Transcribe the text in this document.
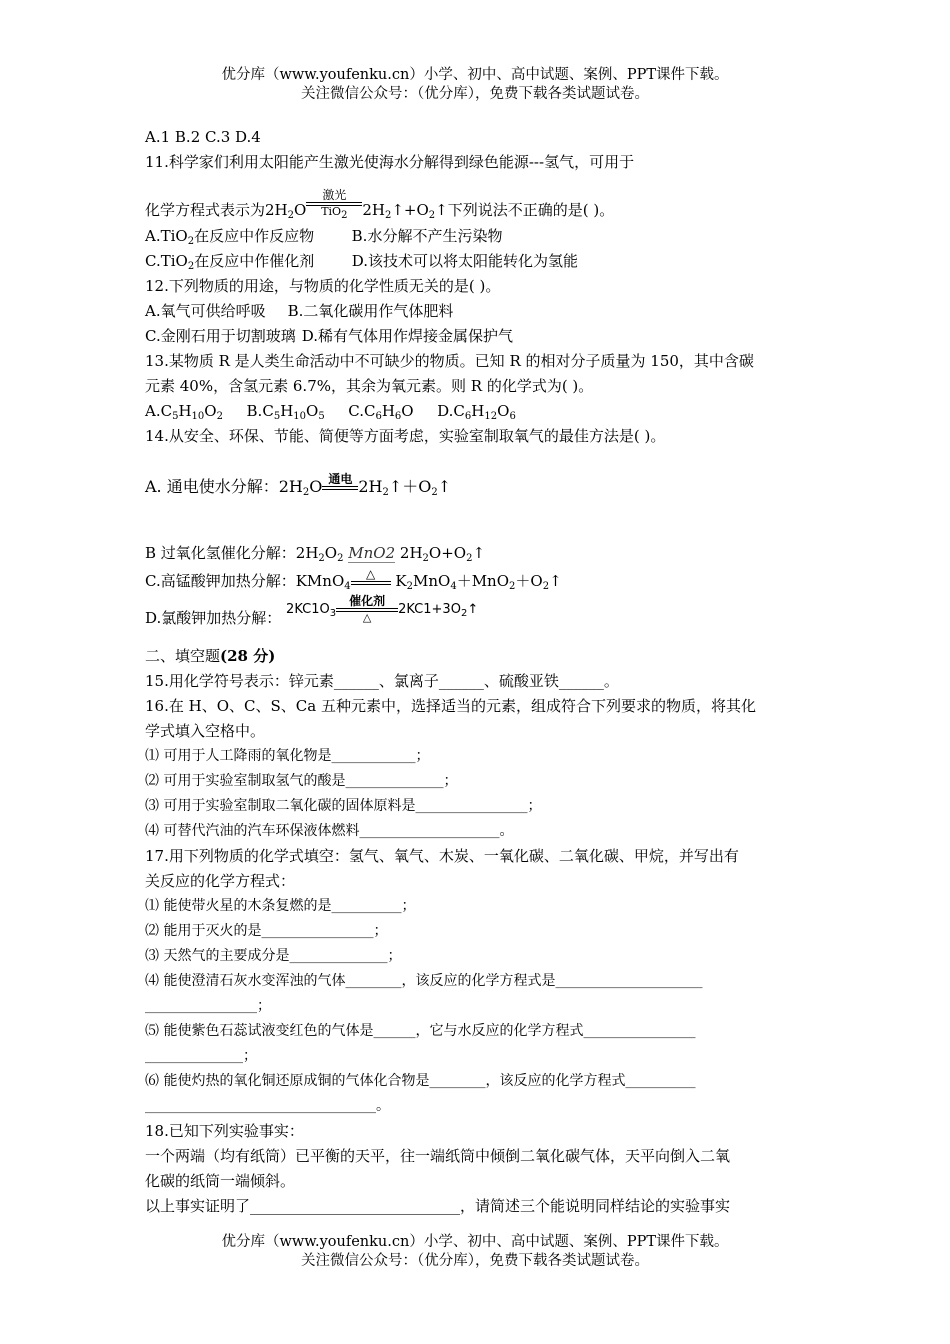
优分库（www.youfenku.cn）小学、初中、高中试题、案例、PPT课件下载。
关注微信公众号：（优分库），免费下载各类试题试卷。
A.1 B.2 C.3 D.4
11.科学家们利用太阳能产生激光使海水分解得到绿色能源---氢气，可用于
化学方程式表示为$2H_2O$
激光
TiO$_2$ $2H_2↑+O_2↑$下列说法不正确的是( )。
A.TiO$_2$在反应中作反应物	B.水分解不产生污染物
C.TiO$_2$在反应中作催化剂	D.该技术可以将太阳能转化为氢能
12.下列物质的用途，与物质的化学性质无关的是( )。
A.氧气可供给呼吸 B.二氧化碳用作气体肥料
C.金刚石用于切割玻璃 D.稀有气体用作焊接金属保护气
13.某物质 R 是人类生命活动中不可缺少的物质。已知 R 的相对分子质量为 150，其中含碳
元素 40%，含氢元素 6.7%，其余为氧元素。则 R 的化学式为( )。
$A.C_5H_{10}O_2$ $B.C_5H_{10}O_5$ $C.C_6H_6O$ $D.C_6H_{12}O_6$
14.从安全、环保、节能、简便等方面考虑，实验室制取氧气的最佳方法是( )。
A. 通电使水分解：$2H_2O$ 通电 $2H_2↑+O_2↑$
B 过氧化氢催化分解：$2H_2O_2$ MnO2 $2H_2O+O_2↑$
C.高锰酸钾加热分解：KMnO$_4$
△	$K_2MnO_4+MnO_2+O_2↑$
D.氯酸钾加热分解： $2KC1O_3$
催化剂
△	$2KC1+3O_2↑$
二、填空题(28 分)
15.用化学符号表示：锌元素______、氯离子______、硫酸亚铁______。
16.在 H、O、C、S、Ca 五种元素中，选择适当的元素，组成符合下列要求的物质，将其化
学式填入空格中。
⑴ 可用于人工降雨的氧化物是____________；
⑵ 可用于实验室制取氢气的酸是______________；
⑶ 可用于实验室制取二氧化碳的固体原料是________________；
⑷ 可替代汽油的汽车环保液体燃料____________________。
17.用下列物质的化学式填空：氢气、氧气、木炭、一氧化碳、二氧化碳、甲烷，并写出有
关反应的化学方程式：
⑴ 能使带火星的木条复燃的是__________；
⑵ 能用于灭火的是________________；
⑶ 天然气的主要成分是______________；
⑷ 能使澄清石灰水变浑浊的气体________，该反应的化学方程式是_____________________
________________；
⑸ 能使紫色石蕊试液变红色的气体是______，它与水反应的化学方程式________________
______________；
⑹ 能使灼热的氧化铜还原成铜的气体化合物是________，该反应的化学方程式__________
_________________________________。
18.已知下列实验事实：
一个两端（均有纸筒）已平衡的天平，往一端纸筒中倾倒二氧化碳气体，天平向倒入二氧
化碳的纸筒一端倾斜。
以上事实证明了____________________________，请简述三个能说明同样结论的实验事实
优分库（www.youfenku.cn）小学、初中、高中试题、案例、PPT课件下载。
关注微信公众号：（优分库），免费下载各类试题试卷。
